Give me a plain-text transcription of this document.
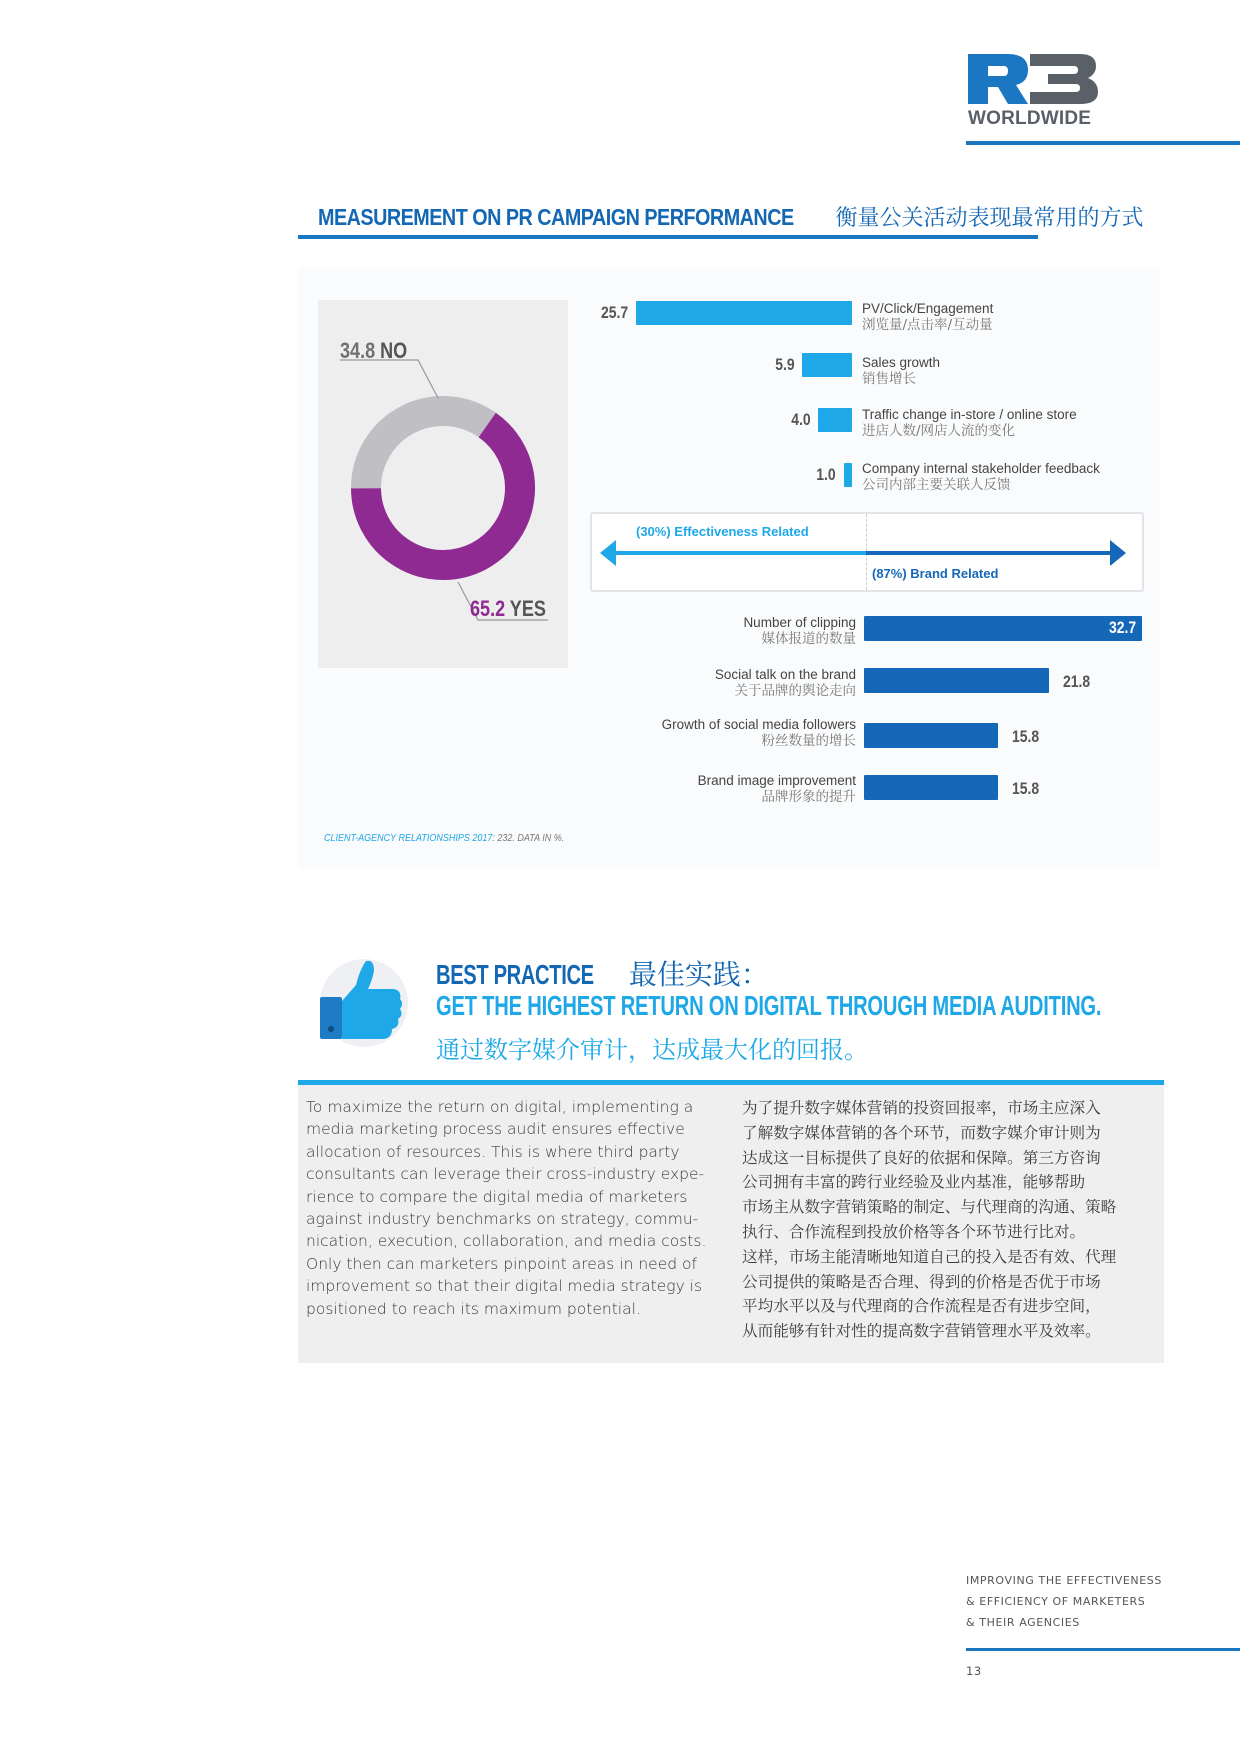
WORLDWIDE
MEASUREMENT ON PR CAMPAIGN PERFORMANCE 衡量公关活动表现最常用的方式
34.8 NO
65.2 YES
25.7
5.9
4.0
1.0
PV/Click/Engagement
浏览量/点击率/互动量
Sales growth
销售增长
Traffic change in-store / online store
进店人数/网店人流的变化
Company internal stakeholder feedback
公司内部主要关联人反馈
(30%) Effectiveness Related
(87%) Brand Related
32.7
21.8
15.8
15.8
Number of clipping
媒体报道的数量
Social talk on the brand
关于品牌的舆论走向
Growth of social media followers
粉丝数量的增长
Brand image improvement
品牌形象的提升
CLIENT-AGENCY RELATIONSHIPS 2017: 232. DATA IN %.
BEST PRACTICE 最佳实践：
GET THE HIGHEST RETURN ON DIGITAL THROUGH MEDIA AUDITING.
通过数字媒介审计，达成最大化的回报。
To maximize the return on digital, implementing a
media marketing process audit ensures effective
allocation of resources. This is where third party
consultants can leverage their cross-industry expe-
rience to compare the digital media of marketers
against industry benchmarks on strategy, commu-
nication, execution, collaboration, and media costs.
Only then can marketers pinpoint areas in need of
improvement so that their digital media strategy is
positioned to reach its maximum potential.
为了提升数字媒体营销的投资回报率，市场主应深入
了解数字媒体营销的各个环节，而数字媒介审计则为
达成这一目标提供了良好的依据和保障。第三方咨询
公司拥有丰富的跨行业经验及业内基准，能够帮助
市场主从数字营销策略的制定、与代理商的沟通、策略
执行、合作流程到投放价格等各个环节进行比对。
这样，市场主能清晰地知道自己的投入是否有效、代理
公司提供的策略是否合理、得到的价格是否优于市场
平均水平以及与代理商的合作流程是否有进步空间，
从而能够有针对性的提高数字营销管理水平及效率。
IMPROVING THE EFFECTIVENESS
& EFFICIENCY OF MARKETERS
& THEIR AGENCIES
13
